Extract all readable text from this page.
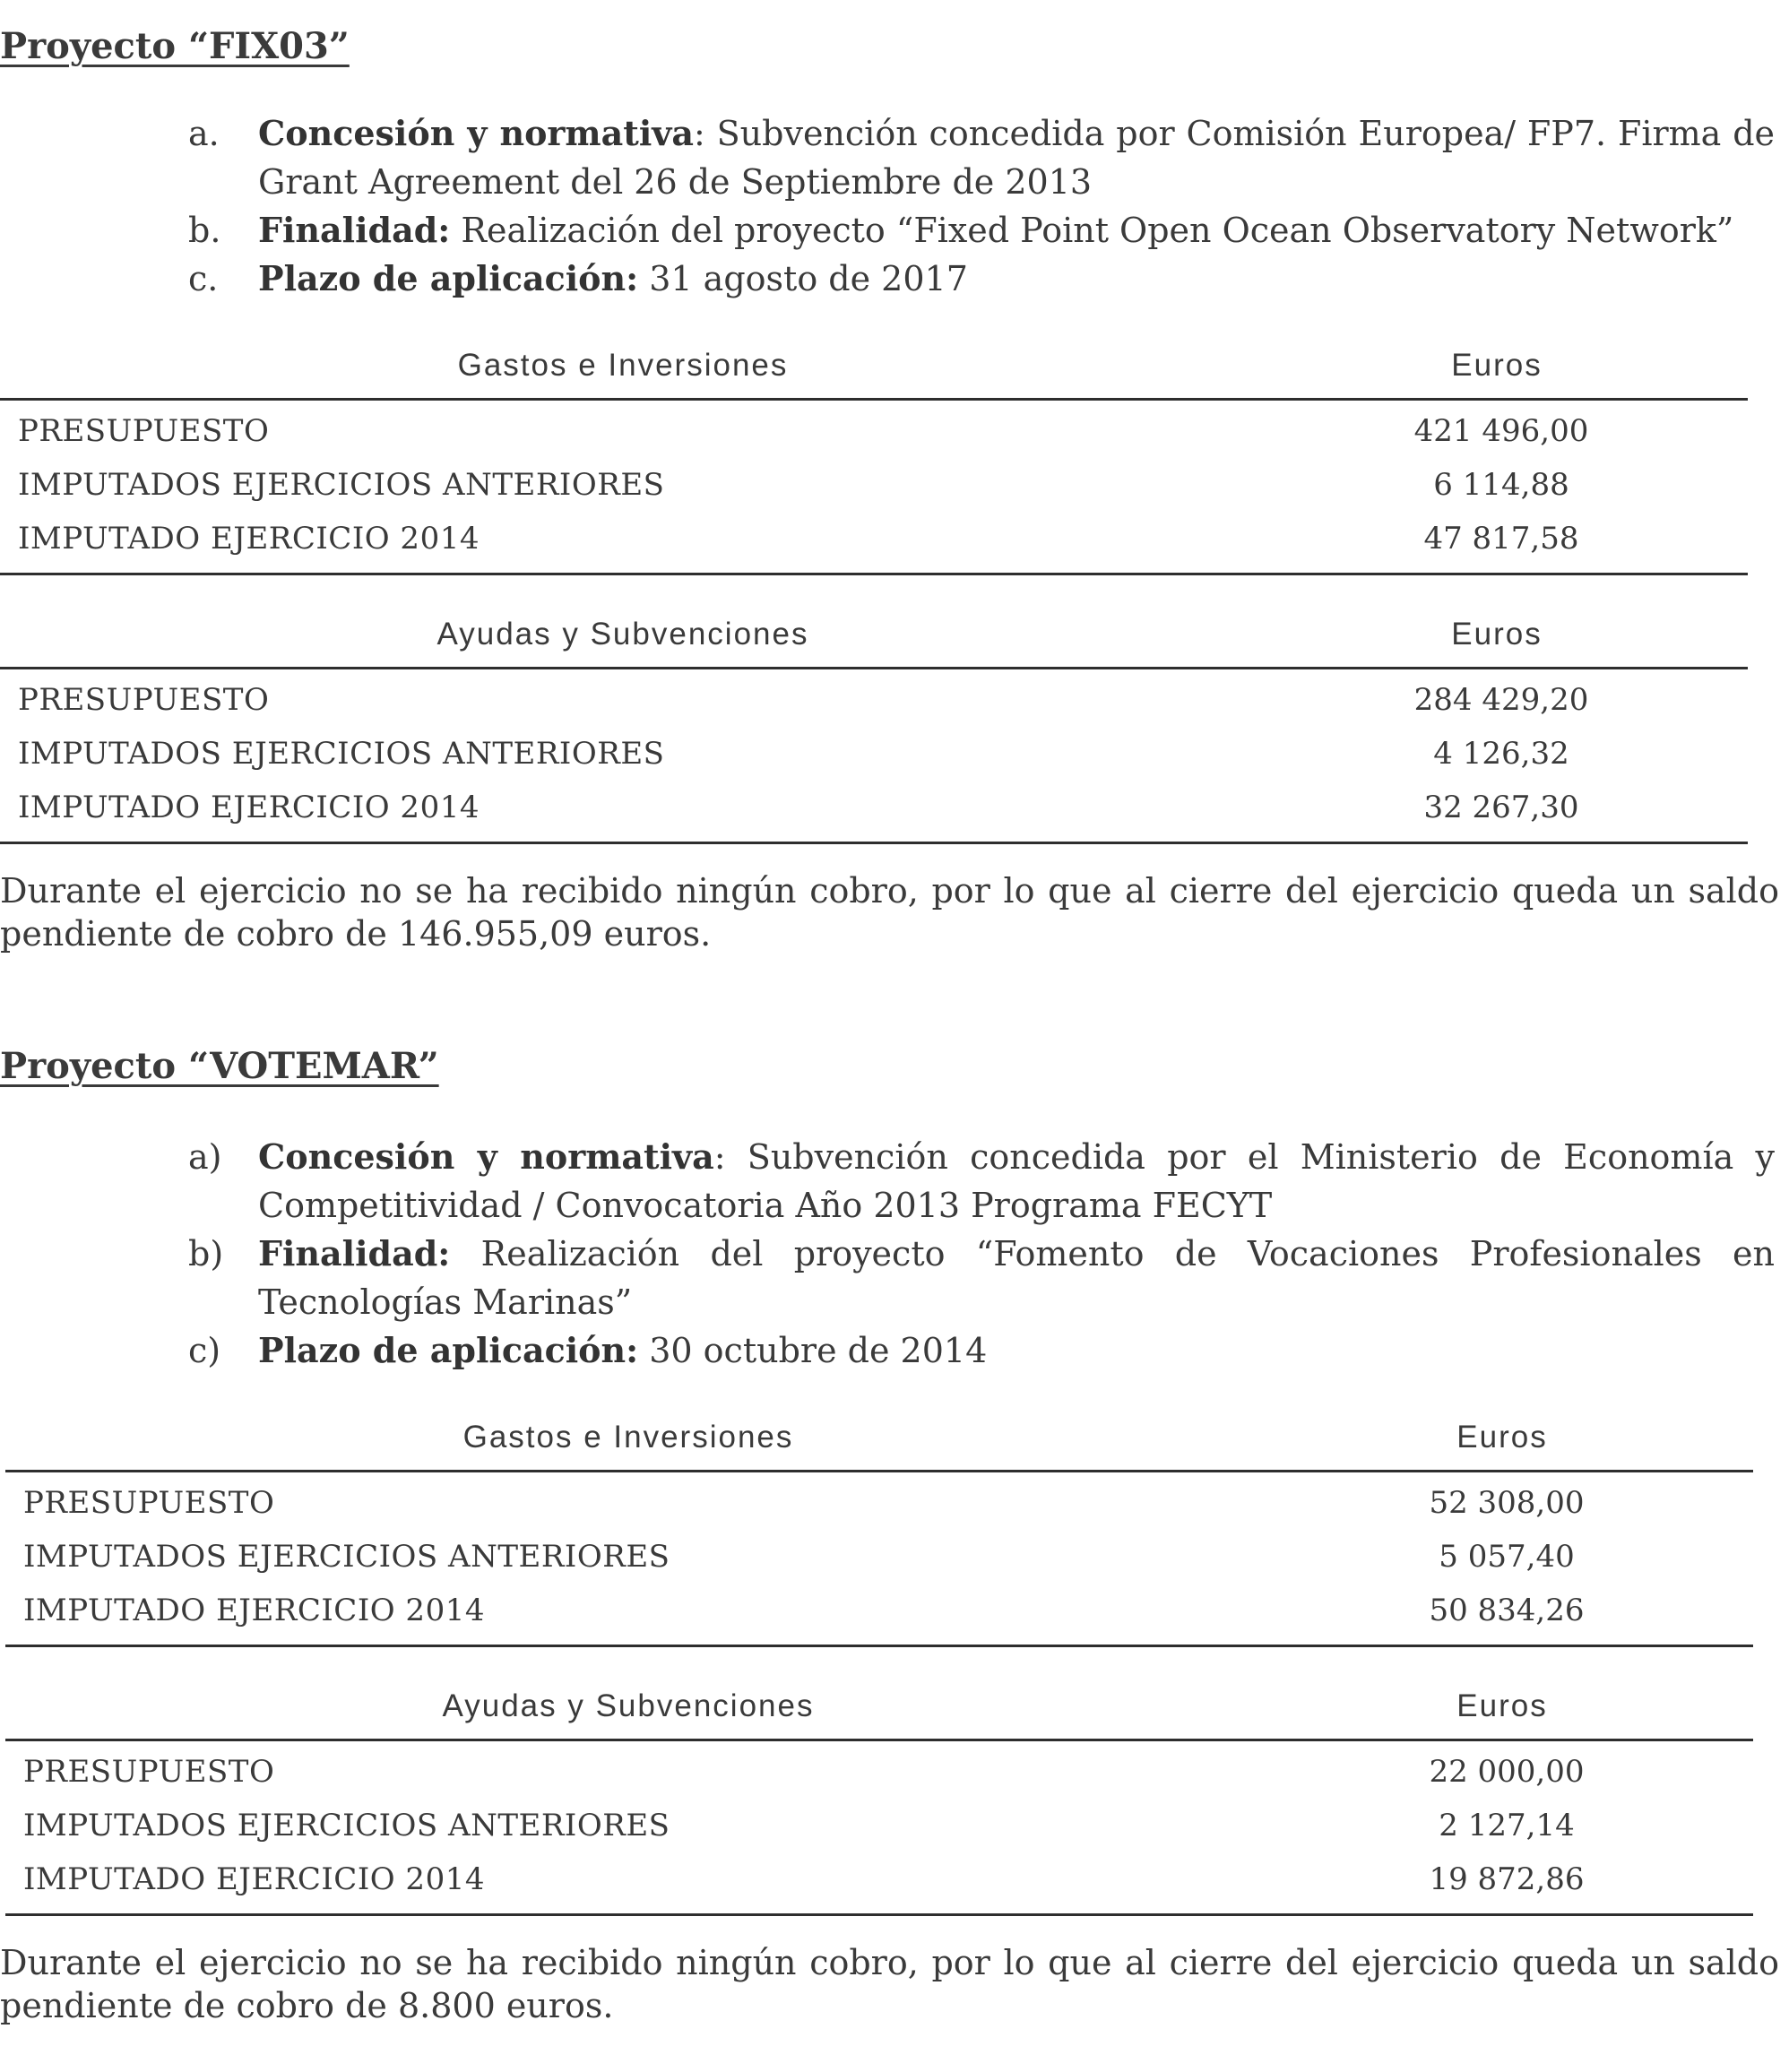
Proyecto “FIX03”
a. Concesión y normativa: Subvención concedida por Comisión Europea/ FP7. Firma de Grant Agreement del 26 de Septiembre de 2013
b. Finalidad: Realización del proyecto “Fixed Point Open Ocean Observatory Network”
c. Plazo de aplicación: 31 agosto de 2017
Gastos e Inversiones	Euros
PRESUPUESTO	421 496,00
IMPUTADOS EJERCICIOS ANTERIORES	6 114,88
IMPUTADO EJERCICIO 2014	47 817,58
Ayudas y Subvenciones	Euros
PRESUPUESTO	284 429,20
IMPUTADOS EJERCICIOS ANTERIORES	4 126,32
IMPUTADO EJERCICIO 2014	32 267,30

Durante el ejercicio no se ha recibido ningún cobro, por lo que al cierre del ejercicio queda un saldo pendiente de cobro de 146.955,09 euros.

Proyecto “VOTEMAR”
a) Concesión y normativa: Subvención concedida por el Ministerio de Economía y Competitividad / Convocatoria Año 2013 Programa FECYT
b) Finalidad: Realización del proyecto “Fomento de Vocaciones Profesionales en Tecnologías Marinas”
c) Plazo de aplicación: 30 octubre de 2014
Gastos e Inversiones	Euros
PRESUPUESTO	52 308,00
IMPUTADOS EJERCICIOS ANTERIORES	5 057,40
IMPUTADO EJERCICIO 2014	50 834,26
Ayudas y Subvenciones	Euros
PRESUPUESTO	22 000,00
IMPUTADOS EJERCICIOS ANTERIORES	2 127,14
IMPUTADO EJERCICIO 2014	19 872,86

Durante el ejercicio no se ha recibido ningún cobro, por lo que al cierre del ejercicio queda un saldo pendiente de cobro de 8.800 euros.
